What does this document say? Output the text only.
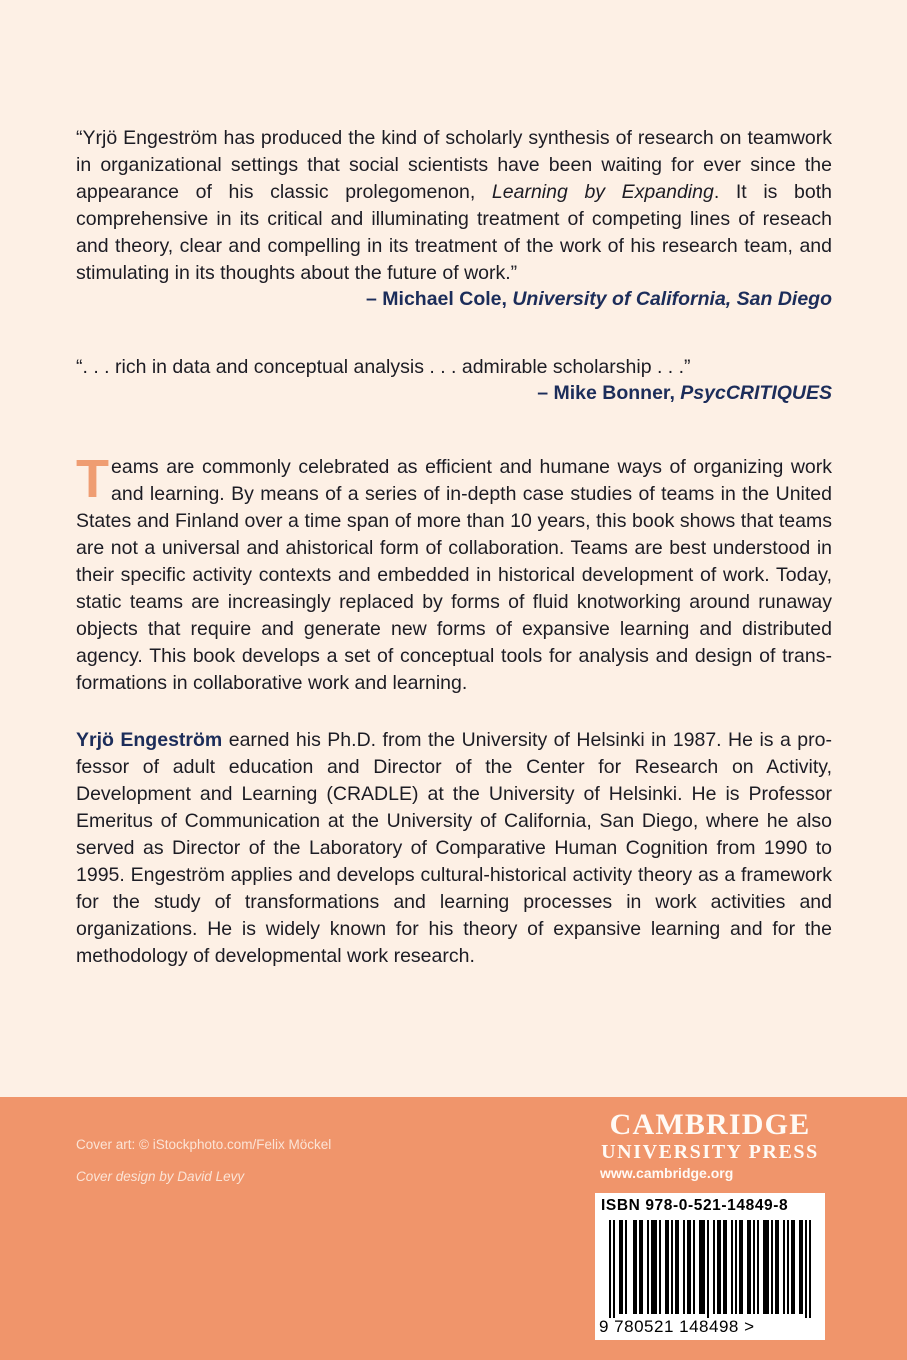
“Yrjö Engeström has produced the kind of scholarly synthesis of research on teamwork in organizational settings that social scientists have been waiting for ever since the appearance of his classic prolegomenon, Learning by Expanding. It is both comprehensive in its critical and illuminating treatment of competing lines of reseach and theory, clear and compelling in its treatment of the work of his research team, and stimulating in its thoughts about the future of work.”

– Michael Cole, University of California, San Diego

“. . . rich in data and conceptual analysis . . . admirable scholarship . . .”

– Mike Bonner, PsycCRITIQUES

Teams are commonly celebrated as efficient and humane ways of organizing work and learning. By means of a series of in-depth case studies of teams in the United States and Finland over a time span of more than 10 years, this book shows that teams are not a universal and ahistorical form of collaboration. Teams are best understood in their specific activity contexts and embedded in historical development of work. Today, static teams are increasingly replaced by forms of fluid knotworking around runaway objects that require and generate new forms of expansive learning and distributed agency. This book develops a set of conceptual tools for analysis and design of transformations in collaborative work and learning.

Yrjö Engeström earned his Ph.D. from the University of Helsinki in 1987. He is a professor of adult education and Director of the Center for Research on Activity, Development and Learning (CRADLE) at the University of Helsinki. He is Professor Emeritus of Communication at the University of California, San Diego, where he also served as Director of the Laboratory of Comparative Human Cognition from 1990 to 1995. Engeström applies and develops cultural-historical activity theory as a framework for the study of transformations and learning processes in work activities and organizations. He is widely known for his theory of expansive learning and for the methodology of developmental work research.

Cover art: © iStockphoto.com/Felix Möckel
Cover design by David Levy
CAMBRIDGE
UNIVERSITY PRESS
www.cambridge.org
ISBN 978-0-521-14849-8
9 780521 148498 >
